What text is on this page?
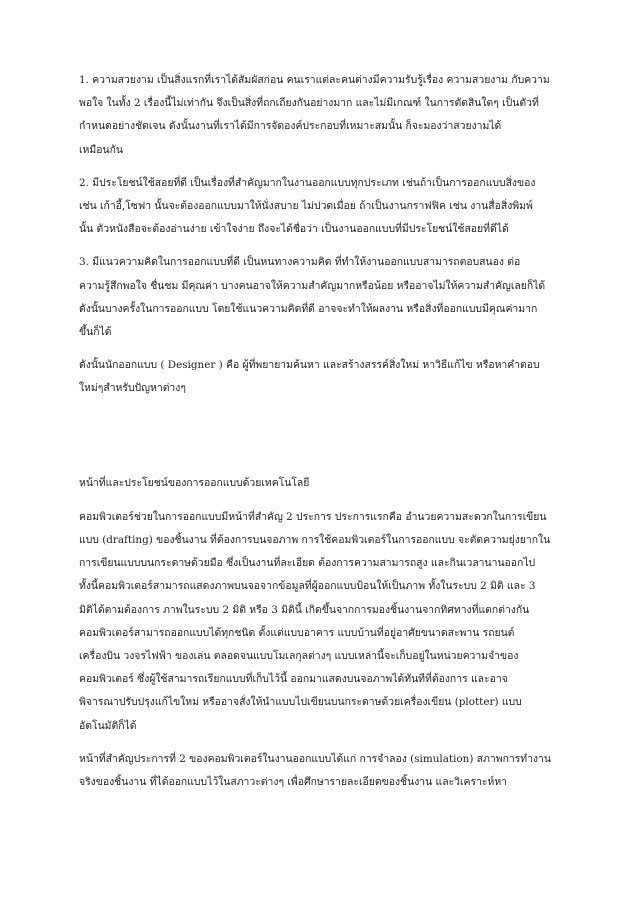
1. ความสวยงาม เป็นสิ่งแรกที่เราได้สัมผัสก่อน คนเราแต่ละคนต่างมีความรับรู้เรื่อง ความสวยงาม กับความ
พอใจ ในทั้ง 2 เรื่องนี้ไม่เท่ากัน จึงเป็นสิ่งที่ถกเถียงกันอย่างมาก และไม่มีเกณฑ์ ในการตัดสินใดๆ เป็นตัวที่
กำหนดอย่างชัดเจน ดังนั้นงานที่เราได้มีการจัดองค์ประกอบที่เหมาะสมนั้น ก็จะมองว่าสวยงามได้
เหมือนกัน
2. มีประโยชน์ใช้สอยที่ดี เป็นเรื่องที่สำคัญมากในงานออกแบบทุกประเภท เช่นถ้าเป็นการออกแบบสิ่งของ
เช่น เก้าอี้,โซฟา นั้นจะต้องออกแบบมาให้นั่งสบาย ไม่ปวดเมื่อย ถ้าเป็นงานกราฟฟิค เช่น งานสื่อสิ่งพิมพ์
นั้น ตัวหนังสือจะต้องอ่านง่าย เข้าใจง่าย ถึงจะได้ชื่อว่า เป็นงานออกแบบที่มีประโยชน์ใช้สอยที่ดีได้
3. มีแนวความคิดในการออกแบบที่ดี เป็นหนทางความคิด ที่ทำให้งานออกแบบสามารถตอบสนอง ต่อ
ความรู้สึกพอใจ ชื่นชม มีคุณค่า บางคนอาจให้ความสำคัญมากหรือน้อย หรืออาจไม่ให้ความสำคัญเลยก็ได้
ดังนั้นบางครั้งในการออกแบบ โดยใช้แนวความคิดที่ดี อาจจะทำให้ผลงาน หรือสิ่งที่ออกแบบมีคุณค่ามาก
ขึ้นก็ได้
ดังนั้นนักออกแบบ ( Designer ) คือ ผู้ที่พยายามค้นหา และสร้างสรรค์สิ่งใหม่ หาวิธีแก้ไข หรือหาคำตอบ
ใหม่ๆสำหรับปัญหาต่างๆ
หน้าที่และประโยชน์ของการออกแบบด้วยเทคโนโลยี
คอมพิวเตอร์ช่วยในการออกแบบมีหน้าที่สำคัญ 2 ประการ ประการแรกคือ อำนวยความสะดวกในการเขียน
แบบ (drafting) ของชิ้นงาน ที่ต้องการบนจอภาพ การใช้คอมพิวเตอร์ในการออกแบบ จะตัดความยุ่งยากใน
การเขียนแบบบนกระดาษด้วยมือ ซึ่งเป็นงานที่ละเอียด ต้องการความสามารถสูง และกินเวลานานออกไป
ทั้งนี้คอมพิวเตอร์สามารถแสดงภาพบนจอจากข้อมูลที่ผู้ออกแบบป้อนให้เป็นภาพ ทั้งในระบบ 2 มิติ และ 3
มิติได้ตามต้องการ ภาพในระบบ 2 มิติ หรือ 3 มิตินี้ เกิดขึ้นจากการมองชิ้นงานจากทิศทางที่แตกต่างกัน
คอมพิวเตอร์สามารถออกแบบได้ทุกชนิด ตั้งแต่แบบอาคาร แบบบ้านที่อยู่อาศัยขนาดสะพาน รถยนต์
เครื่องบิน วงจรไฟฟ้า ของเล่น ตลอดจนแบบโมเลกุลต่างๆ แบบเหล่านี้จะเก็บอยู่ในหน่วยความจำของ
คอมพิวเตอร์ ซึ่งผู้ใช้สามารถเรียกแบบที่เก็บไว้นี้ ออกมาแสดงบนจอภาพได้ทันทีที่ต้องการ และอาจ
พิจารณาปรับปรุงแก้ไขใหม่ หรืออาจสั่งให้นำแบบไปเขียนบนกระดาษด้วยเครื่องเขียน (plotter) แบบ
อัตโนมัติก็ได้
หน้าที่สำคัญประการที่ 2 ของคอมพิวเตอร์ในงานออกแบบได้แก่ การจำลอง (simulation) สภาพการทำงาน
จริงของชิ้นงาน ที่ได้ออกแบบไว้ในสภาวะต่างๆ เพื่อศึกษารายละเอียดของชิ้นงาน และวิเคราะห์หา
